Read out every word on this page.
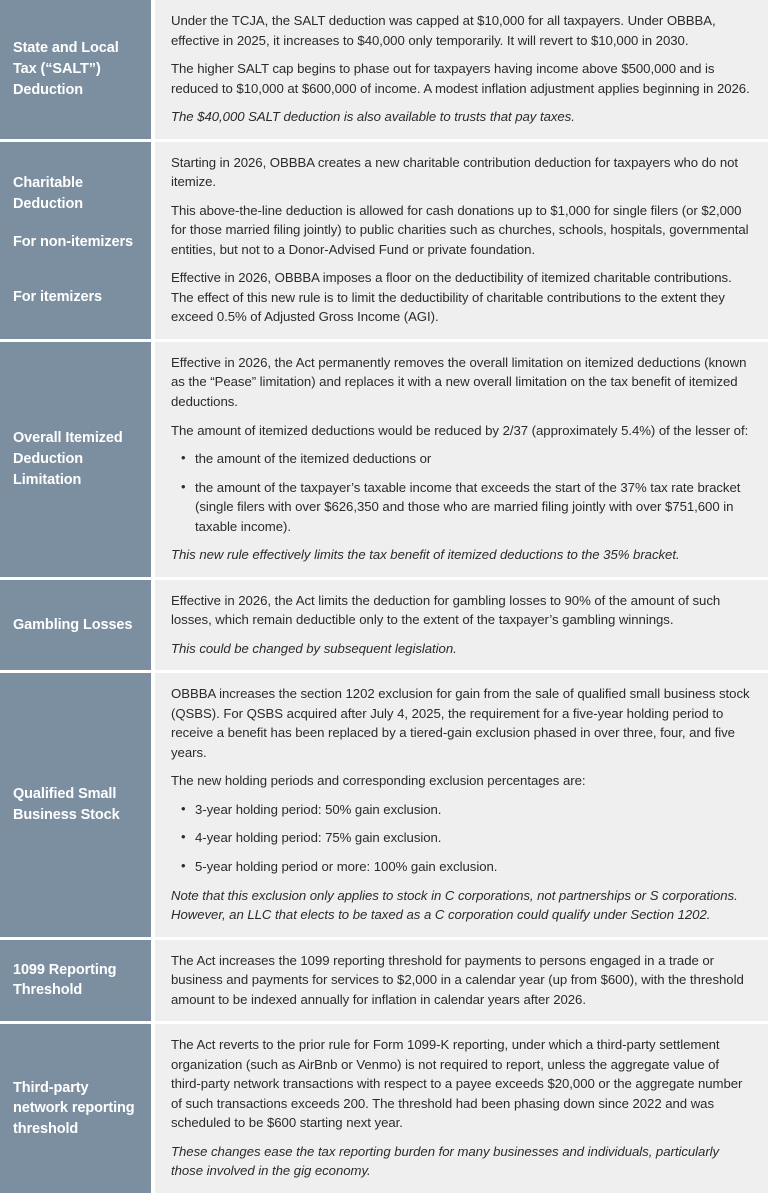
State and Local Tax (“SALT”) Deduction

Under the TCJA, the SALT deduction was capped at $10,000 for all taxpayers. Under OBBBA, effective in 2025, it increases to $40,000 only temporarily. It will revert to $10,000 in 2030.

The higher SALT cap begins to phase out for taxpayers having income above $500,000 and is reduced to $10,000 at $600,000 of income. A modest inflation adjustment applies beginning in 2026.

The $40,000 SALT deduction is also available to trusts that pay taxes.

Charitable Deduction
For non-itemizers
For itemizers

Starting in 2026, OBBBA creates a new charitable contribution deduction for taxpayers who do not itemize.

This above-the-line deduction is allowed for cash donations up to $1,000 for single filers (or $2,000 for those married filing jointly) to public charities such as churches, schools, hospitals, governmental entities, but not to a Donor-Advised Fund or private foundation.

Effective in 2026, OBBBA imposes a floor on the deductibility of itemized charitable contributions. The effect of this new rule is to limit the deductibility of charitable contributions to the extent they exceed 0.5% of Adjusted Gross Income (AGI).

Overall Itemized Deduction Limitation

Effective in 2026, the Act permanently removes the overall limitation on itemized deductions (known as the “Pease” limitation) and replaces it with a new overall limitation on the tax benefit of itemized deductions.

The amount of itemized deductions would be reduced by 2/37 (approximately 5.4%) of the lesser of:

• the amount of the itemized deductions or
• the amount of the taxpayer’s taxable income that exceeds the start of the 37% tax rate bracket (single filers with over $626,350 and those who are married filing jointly with over $751,600 in taxable income).

This new rule effectively limits the tax benefit of itemized deductions to the 35% bracket.

Gambling Losses

Effective in 2026, the Act limits the deduction for gambling losses to 90% of the amount of such losses, which remain deductible only to the extent of the taxpayer’s gambling winnings.

This could be changed by subsequent legislation.

Qualified Small Business Stock

OBBBA increases the section 1202 exclusion for gain from the sale of qualified small business stock (QSBS). For QSBS acquired after July 4, 2025, the requirement for a five-year holding period to receive a benefit has been replaced by a tiered-gain exclusion phased in over three, four, and five years.

The new holding periods and corresponding exclusion percentages are:

• 3-year holding period: 50% gain exclusion.
• 4-year holding period: 75% gain exclusion.
• 5-year holding period or more: 100% gain exclusion.

Note that this exclusion only applies to stock in C corporations, not partnerships or S corporations. However, an LLC that elects to be taxed as a C corporation could qualify under Section 1202.

1099 Reporting Threshold

The Act increases the 1099 reporting threshold for payments to persons engaged in a trade or business and payments for services to $2,000 in a calendar year (up from $600), with the threshold amount to be indexed annually for inflation in calendar years after 2026.

Third-party network reporting threshold

The Act reverts to the prior rule for Form 1099-K reporting, under which a third-party settlement organization (such as AirBnb or Venmo) is not required to report, unless the aggregate value of third-party network transactions with respect to a payee exceeds $20,000 or the aggregate number of such transactions exceeds 200. The threshold had been phasing down since 2022 and was scheduled to be $600 starting next year.

These changes ease the tax reporting burden for many businesses and individuals, particularly those involved in the gig economy.
